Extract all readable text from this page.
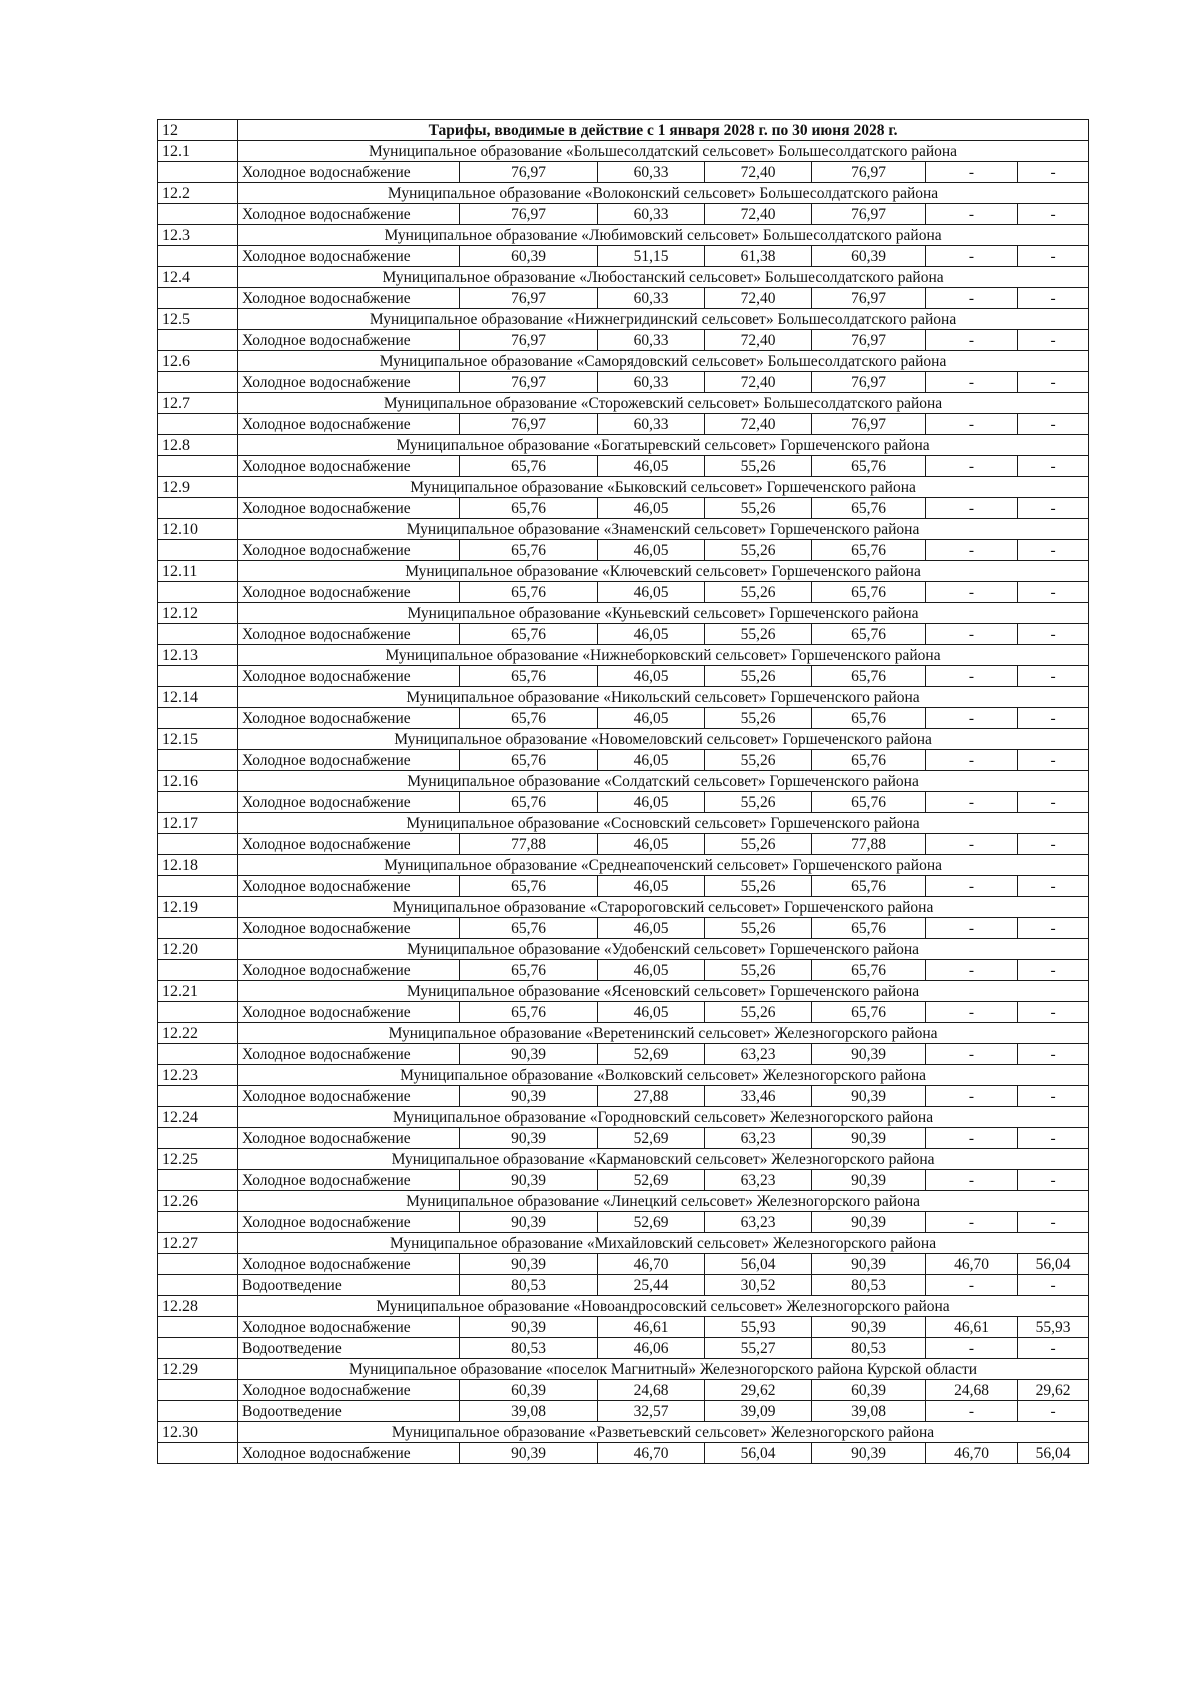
12	Тарифы, вводимые в действие с 1 января 2028 г. по 30 июня 2028 г.						
12.1	Муниципальное образование «Большесолдатский сельсовет» Большесолдатского района						
	Холодное водоснабжение	76,97	60,33	72,40	76,97	-	-
12.2	Муниципальное образование «Волоконский сельсовет» Большесолдатского района						
	Холодное водоснабжение	76,97	60,33	72,40	76,97	-	-
12.3	Муниципальное образование «Любимовский сельсовет» Большесолдатского района						
	Холодное водоснабжение	60,39	51,15	61,38	60,39	-	-
12.4	Муниципальное образование «Любостанский сельсовет» Большесолдатского района						
	Холодное водоснабжение	76,97	60,33	72,40	76,97	-	-
12.5	Муниципальное образование «Нижнегридинский сельсовет» Большесолдатского района						
	Холодное водоснабжение	76,97	60,33	72,40	76,97	-	-
12.6	Муниципальное образование «Саморядовский сельсовет» Большесолдатского района						
	Холодное водоснабжение	76,97	60,33	72,40	76,97	-	-
12.7	Муниципальное образование «Сторожевский сельсовет» Большесолдатского района						
	Холодное водоснабжение	76,97	60,33	72,40	76,97	-	-
12.8	Муниципальное образование «Богатыревский сельсовет» Горшеченского района						
	Холодное водоснабжение	65,76	46,05	55,26	65,76	-	-
12.9	Муниципальное образование «Быковский сельсовет» Горшеченского района						
	Холодное водоснабжение	65,76	46,05	55,26	65,76	-	-
12.10	Муниципальное образование «Знаменский сельсовет» Горшеченского района						
	Холодное водоснабжение	65,76	46,05	55,26	65,76	-	-
12.11	Муниципальное образование «Ключевский сельсовет» Горшеченского района						
	Холодное водоснабжение	65,76	46,05	55,26	65,76	-	-
12.12	Муниципальное образование «Куньевский сельсовет» Горшеченского района						
	Холодное водоснабжение	65,76	46,05	55,26	65,76	-	-
12.13	Муниципальное образование «Нижнеборковский сельсовет» Горшеченского района						
	Холодное водоснабжение	65,76	46,05	55,26	65,76	-	-
12.14	Муниципальное образование «Никольский сельсовет» Горшеченского района						
	Холодное водоснабжение	65,76	46,05	55,26	65,76	-	-
12.15	Муниципальное образование «Новомеловский сельсовет» Горшеченского района						
	Холодное водоснабжение	65,76	46,05	55,26	65,76	-	-
12.16	Муниципальное образование «Солдатский сельсовет» Горшеченского района						
	Холодное водоснабжение	65,76	46,05	55,26	65,76	-	-
12.17	Муниципальное образование «Сосновский сельсовет» Горшеченского района						
	Холодное водоснабжение	77,88	46,05	55,26	77,88	-	-
12.18	Муниципальное образование «Среднеапоченский сельсовет» Горшеченского района						
	Холодное водоснабжение	65,76	46,05	55,26	65,76	-	-
12.19	Муниципальное образование «Старороговский сельсовет» Горшеченского района						
	Холодное водоснабжение	65,76	46,05	55,26	65,76	-	-
12.20	Муниципальное образование «Удобенский сельсовет» Горшеченского района						
	Холодное водоснабжение	65,76	46,05	55,26	65,76	-	-
12.21	Муниципальное образование «Ясеновский сельсовет» Горшеченского района						
	Холодное водоснабжение	65,76	46,05	55,26	65,76	-	-
12.22	Муниципальное образование «Веретенинский сельсовет» Железногорского района						
	Холодное водоснабжение	90,39	52,69	63,23	90,39	-	-
12.23	Муниципальное образование «Волковский сельсовет» Железногорского района						
	Холодное водоснабжение	90,39	27,88	33,46	90,39	-	-
12.24	Муниципальное образование «Городновский сельсовет» Железногорского района						
	Холодное водоснабжение	90,39	52,69	63,23	90,39	-	-
12.25	Муниципальное образование «Кармановский сельсовет» Железногорского района						
	Холодное водоснабжение	90,39	52,69	63,23	90,39	-	-
12.26	Муниципальное образование «Линецкий сельсовет» Железногорского района						
	Холодное водоснабжение	90,39	52,69	63,23	90,39	-	-
12.27	Муниципальное образование «Михайловский сельсовет» Железногорского района						
	Холодное водоснабжение	90,39	46,70	56,04	90,39	46,70	56,04
	Водоотведение	80,53	25,44	30,52	80,53	-	-
12.28	Муниципальное образование «Новоандросовский сельсовет» Железногорского района						
	Холодное водоснабжение	90,39	46,61	55,93	90,39	46,61	55,93
	Водоотведение	80,53	46,06	55,27	80,53	-	-
12.29	Муниципальное образование «поселок Магнитный» Железногорского района Курской области						
	Холодное водоснабжение	60,39	24,68	29,62	60,39	24,68	29,62
	Водоотведение	39,08	32,57	39,09	39,08	-	-
12.30	Муниципальное образование «Разветьевский сельсовет» Железногорского района						
	Холодное водоснабжение	90,39	46,70	56,04	90,39	46,70	56,04
